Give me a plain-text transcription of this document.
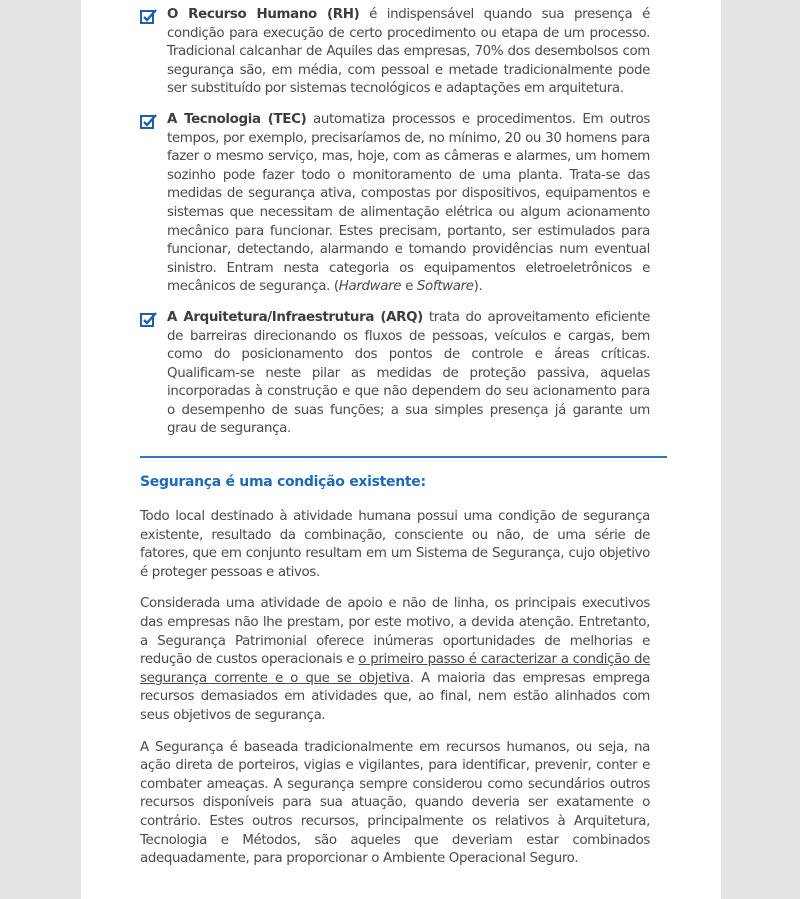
O Recurso Humano (RH) é indispensável quando sua presença é condição para execução de certo procedimento ou etapa de um processo. Tradicional calcanhar de Aquiles das empresas, 70% dos desembolsos com segurança são, em média, com pessoal e metade tradicionalmente pode ser substituído por sistemas tecnológicos e adaptações em arquitetura.
A Tecnologia (TEC) automatiza processos e procedimentos. Em outros tempos, por exemplo, precisaríamos de, no mínimo, 20 ou 30 homens para fazer o mesmo serviço, mas, hoje, com as câmeras e alarmes, um homem sozinho pode fazer todo o monitoramento de uma planta. Trata-se das medidas de segurança ativa, compostas por dispositivos, equipamentos e sistemas que necessitam de alimentação elétrica ou algum acionamento mecânico para funcionar. Estes precisam, portanto, ser estimulados para funcionar, detectando, alarmando e tomando providências num eventual sinistro. Entram nesta categoria os equipamentos eletroeletrônicos e mecânicos de segurança. (Hardware e Software).
A Arquitetura/Infraestrutura (ARQ) trata do aproveitamento eficiente de barreiras direcionando os fluxos de pessoas, veículos e cargas, bem como do posicionamento dos pontos de controle e áreas críticas. Qualificam-se neste pilar as medidas de proteção passiva, aquelas incorporadas à construção e que não dependem do seu acionamento para o desempenho de suas funções; a sua simples presença já garante um grau de segurança.
Segurança é uma condição existente:

Todo local destinado à atividade humana possui uma condição de segurança existente, resultado da combinação, consciente ou não, de uma série de fatores, que em conjunto resultam em um Sistema de Segurança, cujo objetivo é proteger pessoas e ativos.

Considerada uma atividade de apoio e não de linha, os principais executivos das empresas não lhe prestam, por este motivo, a devida atenção. Entretanto, a Segurança Patrimonial oferece inúmeras oportunidades de melhorias e redução de custos operacionais e o primeiro passo é caracterizar a condição de segurança corrente e o que se objetiva. A maioria das empresas emprega recursos demasiados em atividades que, ao final, nem estão alinhados com seus objetivos de segurança.

A Segurança é baseada tradicionalmente em recursos humanos, ou seja, na ação direta de porteiros, vigias e vigilantes, para identificar, prevenir, conter e combater ameaças. A segurança sempre considerou como secundários outros recursos disponíveis para sua atuação, quando deveria ser exatamente o contrário. Estes outros recursos, principalmente os relativos à Arquitetura, Tecnologia e Métodos, são aqueles que deveriam estar combinados adequadamente, para proporcionar o Ambiente Operacional Seguro.
